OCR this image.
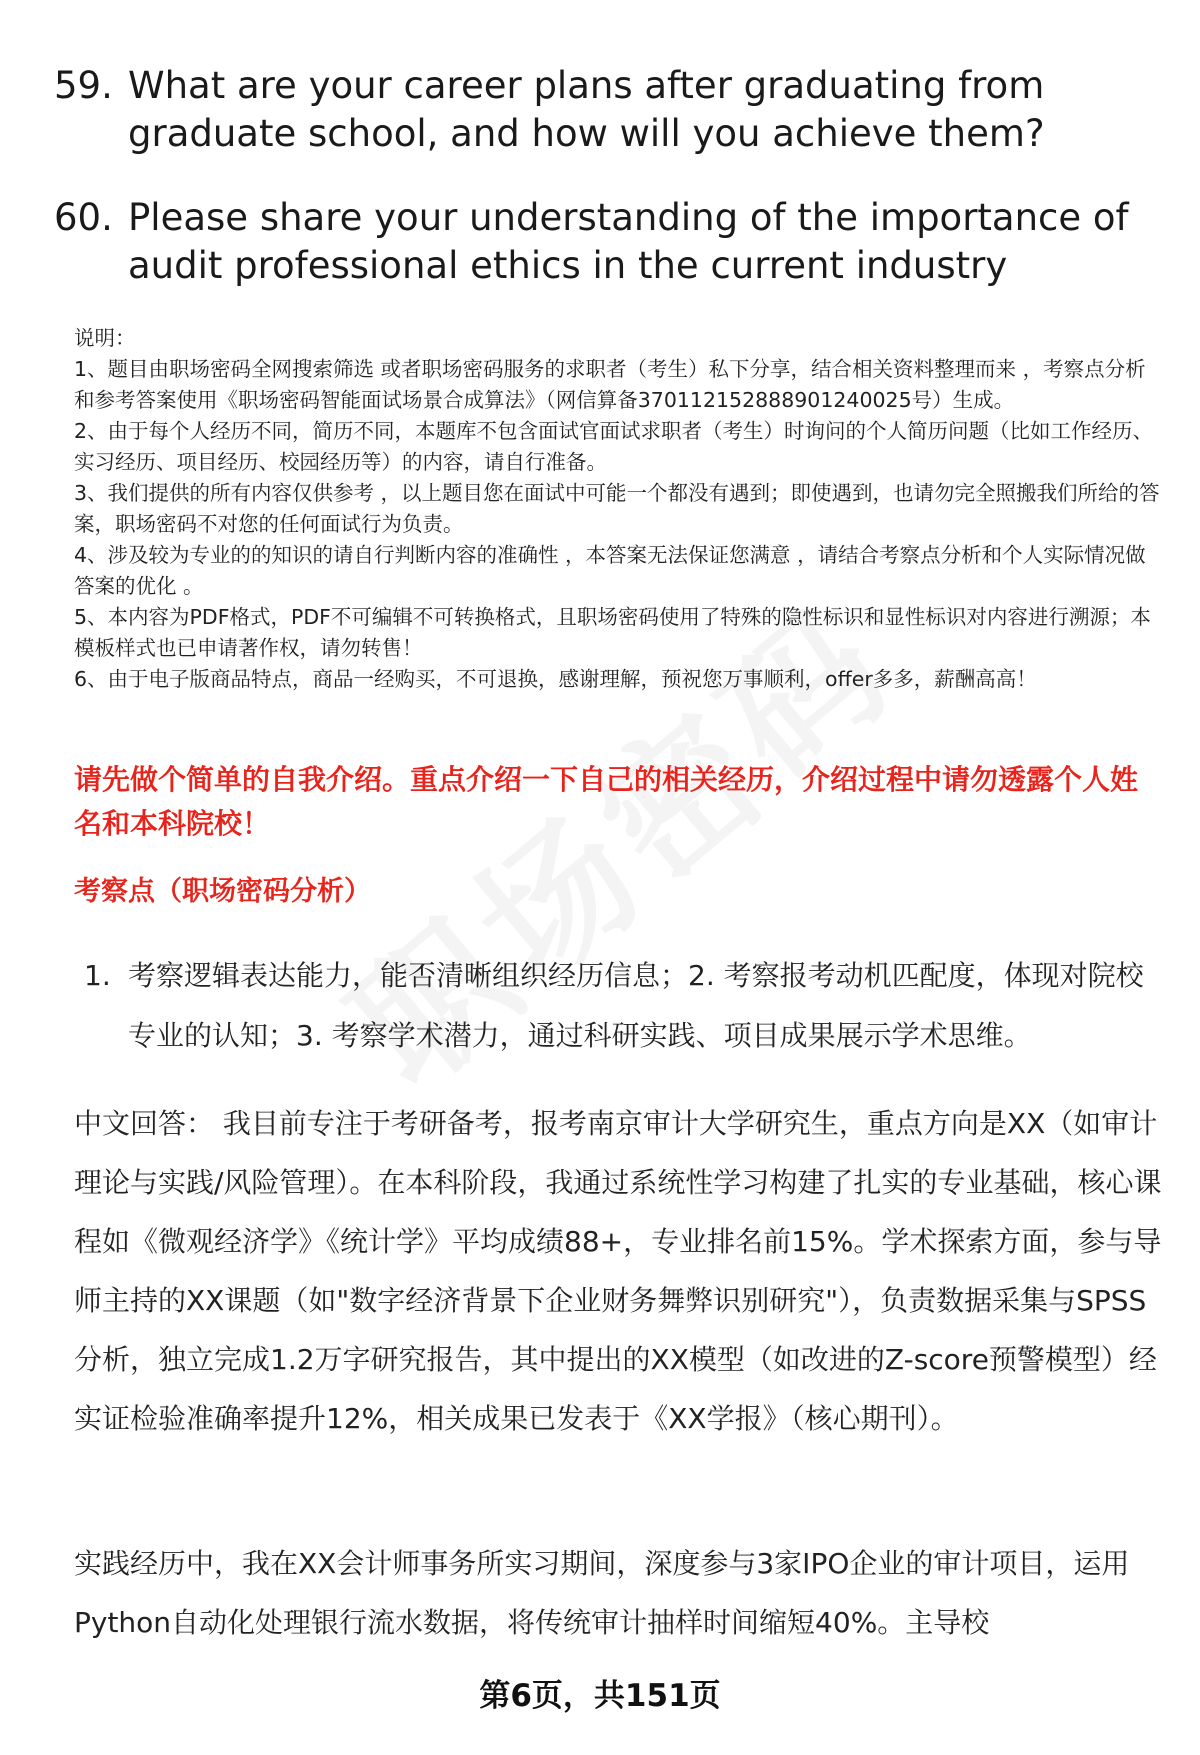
59. What are your career plans after graduating from graduate school, and how will you achieve them?
60. Please share your understanding of the importance of audit professional ethics in the current industry

说明：

1、题目由职场密码全网搜索筛选 或者职场密码服务的求职者（考生）私下分享，结合相关资料整理而来 ，考察点分析和参考答案使用《职场密码智能面试场景合成算法》（网信算备370112152888901240025号）生成。

2、由于每个人经历不同，简历不同，本题库不包含面试官面试求职者（考生）时询问的个人简历问题（比如工作经历、实习经历、项目经历、校园经历等）的内容，请自行准备。

3、我们提供的所有内容仅供参考 ，以上题目您在面试中可能一个都没有遇到；即使遇到，也请勿完全照搬我们所给的答案，职场密码不对您的任何面试行为负责。

4、涉及较为专业的的知识的请自行判断内容的准确性 ，本答案无法保证您满意 ，请结合考察点分析和个人实际情况做答案的优化 。

5、本内容为PDF格式，PDF不可编辑不可转换格式，且职场密码使用了特殊的隐性标识和显性标识对内容进行溯源；本模板样式也已申请著作权，请勿转售！

6、由于电子版商品特点，商品一经购买，不可退换，感谢理解，预祝您万事顺利，offer多多，薪酬高高！

请先做个简单的自我介绍。重点介绍一下自己的相关经历，介绍过程中请勿透露个人姓名和本科院校！
考察点（职场密码分析）
1. 考察逻辑表达能力，能否清晰组织经历信息；2. 考察报考动机匹配度，体现对院校专业的认知；3. 考察学术潜力，通过科研实践、项目成果展示学术思维。
中文回答： 我目前专注于考研备考，报考南京审计大学研究生，重点方向是XX（如审计理论与实践/风险管理）。在本科阶段，我通过系统性学习构建了扎实的专业基础，核心课程如《微观经济学》《统计学》平均成绩88+，专业排名前15%。学术探索方面，参与导师主持的XX课题（如"数字经济背景下企业财务舞弊识别研究"），负责数据采集与SPSS分析，独立完成1.2万字研究报告，其中提出的XX模型（如改进的Z-score预警模型）经实证检验准确率提升12%，相关成果已发表于《XX学报》（核心期刊）。
实践经历中，我在XX会计师事务所实习期间，深度参与3家IPO企业的审计项目，运用Python自动化处理银行流水数据，将传统审计抽样时间缩短40%。主导校
第6页，共151页
